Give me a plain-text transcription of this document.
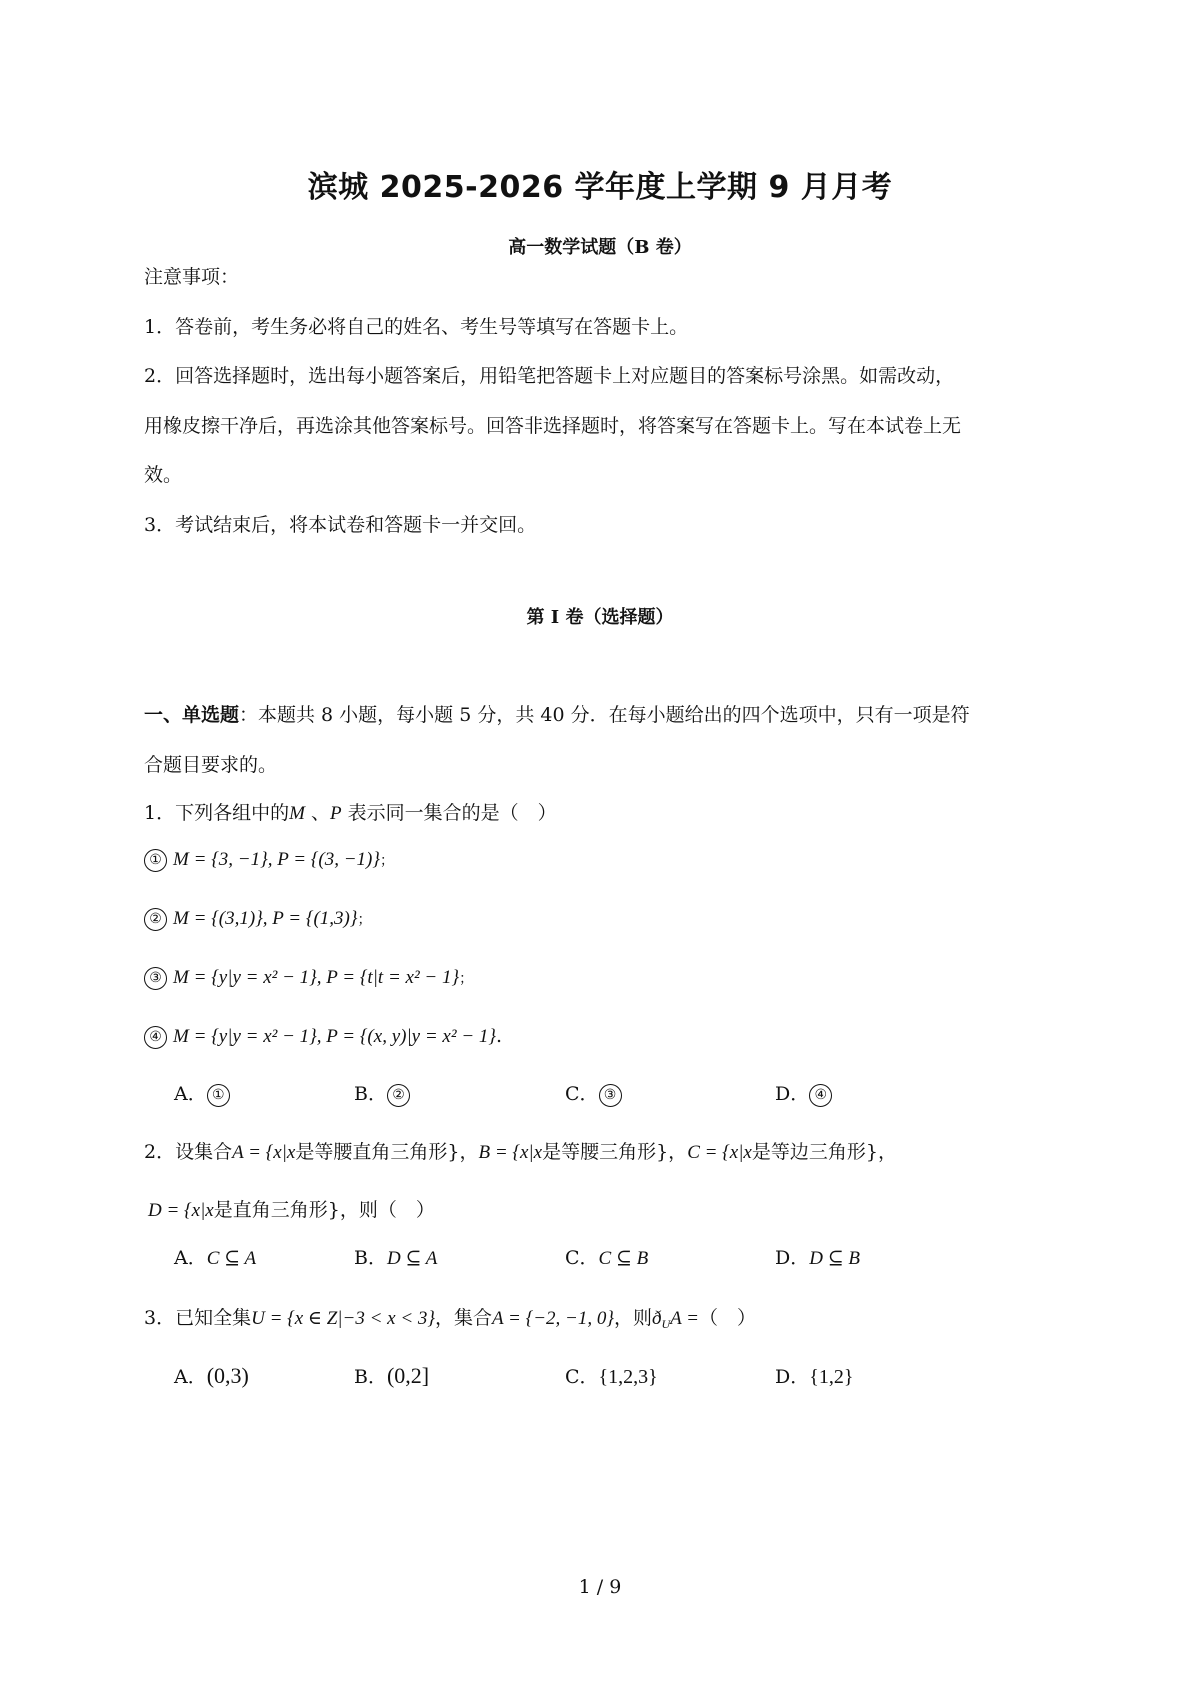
滨城 2025-2026 学年度上学期 9 月月考
高一数学试题（B 卷）
注意事项：
1．答卷前，考生务必将自己的姓名、考生号等填写在答题卡上。
2．回答选择题时，选出每小题答案后，用铅笔把答题卡上对应题目的答案标号涂黑。如需改动，
用橡皮擦干净后，再选涂其他答案标号。回答非选择题时，将答案写在答题卡上。写在本试卷上无
效。
3．考试结束后，将本试卷和答题卡一并交回。
第 I 卷（选择题）
一、单选题：本题共 8 小题，每小题 5 分，共 40 分．在每小题给出的四个选项中，只有一项是符
合题目要求的。
1．下列各组中的M 、P 表示同一集合的是（　）
① M = {3, −1}, P = {(3, −1)}；
② M = {(3,1)}, P = {(1,3)}；
③ M = {y|y = x² − 1}, P = {t|t = x² − 1}；
④ M = {y|y = x² − 1}, P = {(x, y)|y = x² − 1}.
A． ①	B． ②	C． ③	D． ④
2．设集合A = {x|x是等腰直角三角形}，B = {x|x是等腰三角形}，C = {x|x是等边三角形}，
D = {x|x是直角三角形}，则（　）
A．C ⊆ A	B．D ⊆ A	C．C ⊆ B	D．D ⊆ B
3．已知全集U = {x ∈ Z|−3 < x < 3}，集合A = {−2, −1, 0}，则$ð_UA$ =（　）
A．(0,3)	B．(0,2]	C．{1,2,3}	D．{1,2}
1 / 9
